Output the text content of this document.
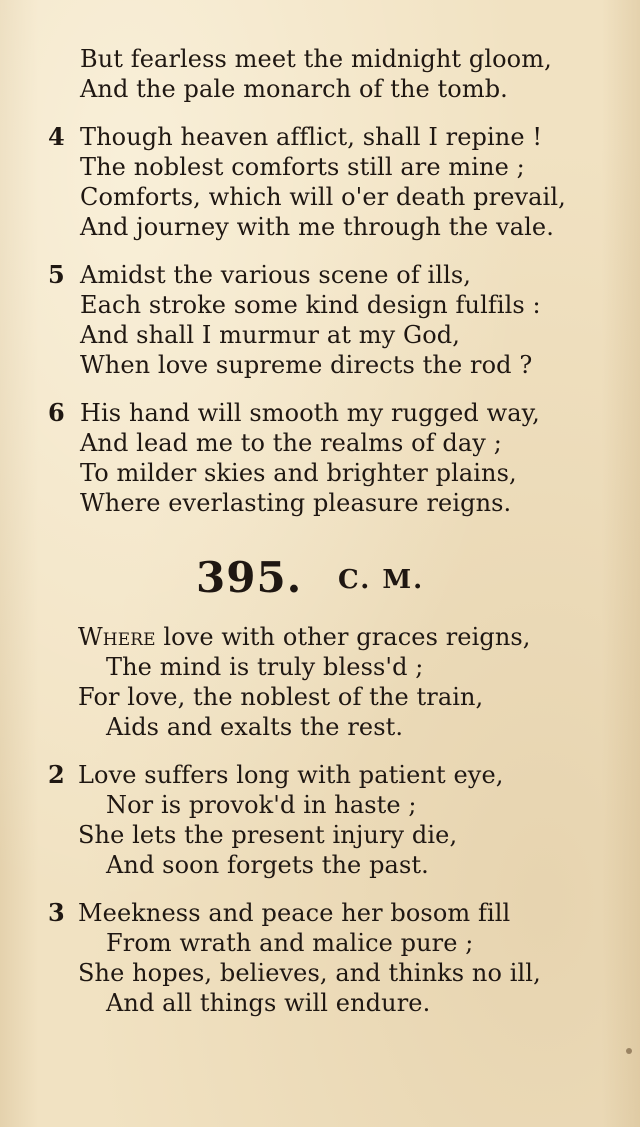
But fearless meet the midnight gloom,
And the pale monarch of the tomb.
4 Though heaven afflict, shall I repine !
The noblest comforts still are mine ;
Comforts, which will o'er death prevail,
And journey with me through the vale.
5 Amidst the various scene of ills,
Each stroke some kind design fulfils :
And shall I murmur at my God,
When love supreme directs the rod ?
6 His hand will smooth my rugged way,
And lead me to the realms of day ;
To milder skies and brighter plains,
Where everlasting pleasure reigns.
395. C. M.
Where love with other graces reigns,
The mind is truly bless'd ;
For love, the noblest of the train,
Aids and exalts the rest.
2 Love suffers long with patient eye,
Nor is provok'd in haste ;
She lets the present injury die,
And soon forgets the past.
3 Meekness and peace her bosom fill
From wrath and malice pure ;
She hopes, believes, and thinks no ill,
And all things will endure.
